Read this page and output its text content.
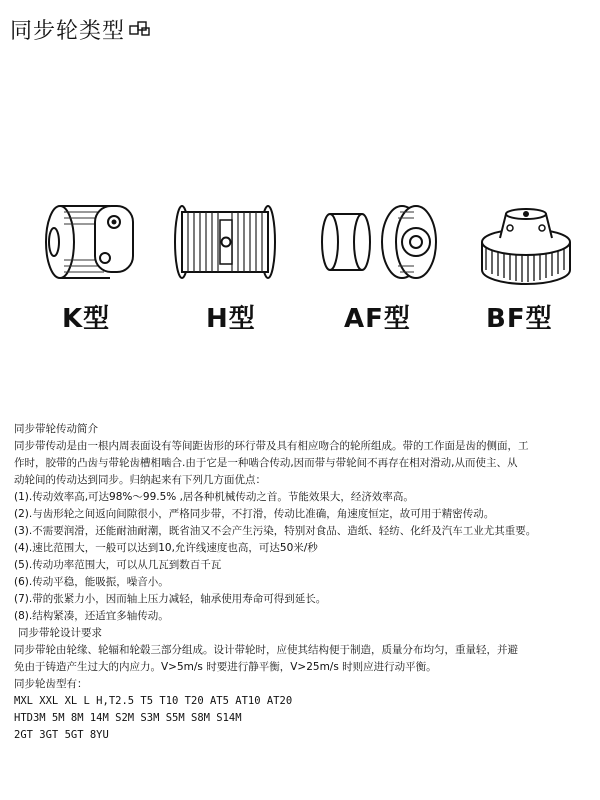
同步轮类型
K型	H型	AF型	BF型

同步带轮传动简介

同步带传动是由一根内周表面设有等间距齿形的环行带及具有相应吻合的轮所组成。带的工作面是齿的侧面，工

作时，胶带的凸齿与带轮齿槽相啮合.由于它是一种啮合传动,因而带与带轮间不再存在相对滑动,从而使主、从

动轮间的传动达到同步。归纳起来有下列几方面优点：

(1).传动效率高,可达98%～99.5% ,居各种机械传动之首。节能效果大，经济效率高。

(2).与齿形轮之间返向间隙很小，严格同步带，不打滑，传动比准确，角速度恒定，故可用于精密传动。

(3).不需要润滑，还能耐油耐潮，既省油又不会产生污染，特别对食品、造纸、轻纺、化纤及汽车工业尤其重要。

(4).速比范围大，一般可以达到10,允许线速度也高，可达50米/秒

(5).传动功率范围大，可以从几瓦到数百千瓦

(6).传动平稳，能吸振，噪音小。

(7).带的张紧力小，因而轴上压力减轻，轴承使用寿命可得到延长。

(8).结构紧凑，还适宜多轴传动。

同步带轮设计要求

同步带轮由轮缘、轮辐和轮毂三部分组成。设计带轮时，应使其结构便于制造，质量分布均匀，重量轻，并避

免由于铸造产生过大的内应力。V>5m/s 时要进行静平衡，V>25m/s 时则应进行动平衡。

同步轮齿型有：

MXL XXL XL L H,T2.5 T5 T10 T20 AT5 AT10 AT20

HTD3M 5M 8M 14M S2M S3M S5M S8M S14M

2GT 3GT 5GT 8YU
